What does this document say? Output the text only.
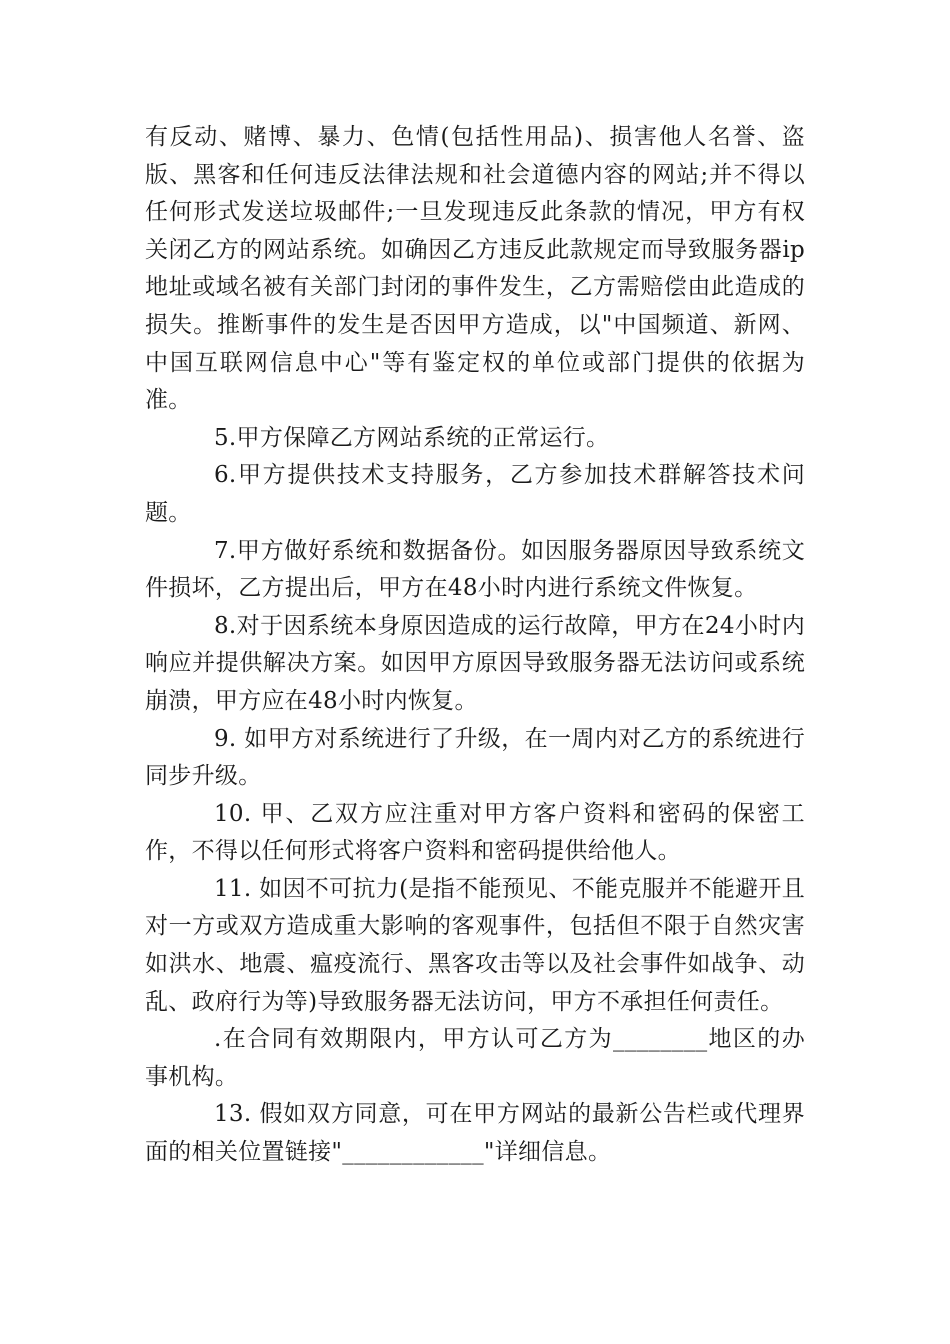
有反动、赌博、暴力、色情(包括性用品)、损害他人名誉、盗版、黑客和任何违反法律法规和社会道德内容的网站;并不得以任何形式发送垃圾邮件;一旦发现违反此条款的情况，甲方有权关闭乙方的网站系统。如确因乙方违反此款规定而导致服务器ip地址或域名被有关部门封闭的事件发生，乙方需赔偿由此造成的损失。推断事件的发生是否因甲方造成，以"中国频道、新网、中国互联网信息中心"等有鉴定权的单位或部门提供的依据为准。

5.甲方保障乙方网站系统的正常运行。

6.甲方提供技术支持服务，乙方参加技术群解答技术问题。

7.甲方做好系统和数据备份。如因服务器原因导致系统文件损坏，乙方提出后，甲方在48小时内进行系统文件恢复。

8.对于因系统本身原因造成的运行故障，甲方在24小时内响应并提供解决方案。如因甲方原因导致服务器无法访问或系统崩溃，甲方应在48小时内恢复。

9. 如甲方对系统进行了升级，在一周内对乙方的系统进行同步升级。

10. 甲、乙双方应注重对甲方客户资料和密码的保密工作，不得以任何形式将客户资料和密码提供给他人。

11. 如因不可抗力(是指不能预见、不能克服并不能避开且对一方或双方造成重大影响的客观事件，包括但不限于自然灾害如洪水、地震、瘟疫流行、黑客攻击等以及社会事件如战争、动乱、政府行为等)导致服务器无法访问，甲方不承担任何责任。

.在合同有效期限内，甲方认可乙方为________地区的办事机构。

13. 假如双方同意，可在甲方网站的最新公告栏或代理界面的相关位置链接"____________"详细信息。
